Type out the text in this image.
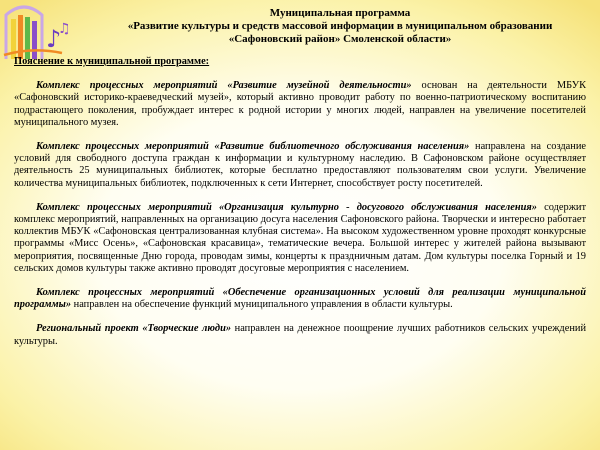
♪
♫
Муниципальная программа
«Развитие культуры и средств массовой информации в муниципальном образовании
«Сафоновский район» Смоленской области»
Пояснение к муниципальной программе:

Комплекс процессных мероприятий «Развитие музейной деятельности» основан на деятельности МБУК «Сафоновский историко-краеведческий музей», который активно проводит работу по военно-патриотическому воспитанию подрастающего поколения, пробуждает интерес к родной истории у многих людей, направлен на увеличение посетителей муниципального музея.

Комплекс процессных мероприятий «Развитие библиотечного обслуживания населения» направлена на создание условий для свободного доступа граждан к информации и культурному наследию. В Сафоновском районе осуществляет деятельность 25 муниципальных библиотек, которые бесплатно предоставляют пользователям свои услуги. Увеличение количества муниципальных библиотек, подключенных к сети Интернет, способствует росту посетителей.

Комплекс процессных мероприятий «Организация культурно - досугового обслуживания населения» содержит комплекс мероприятий, направленных на организацию досуга населения Сафоновского района. Творчески и интересно работает коллектив МБУК «Сафоновская централизованная клубная система». На высоком художественном уровне проходят конкурсные программы «Мисс Осень», «Сафоновская красавица», тематические вечера. Большой интерес у жителей района вызывают мероприятия, посвященные Дню города, проводам зимы, концерты к праздничным датам. Дом культуры поселка Горный и 19 сельских домов культуры также активно проводят досуговые мероприятия с населением.

Комплекс процессных мероприятий «Обеспечение организационных условий для реализации муниципальной программы» направлен на обеспечение функций муниципального управления в области культуры.

Региональный проект «Творческие люди» направлен на денежное поощрение лучших работников сельских учреждений культуры.
